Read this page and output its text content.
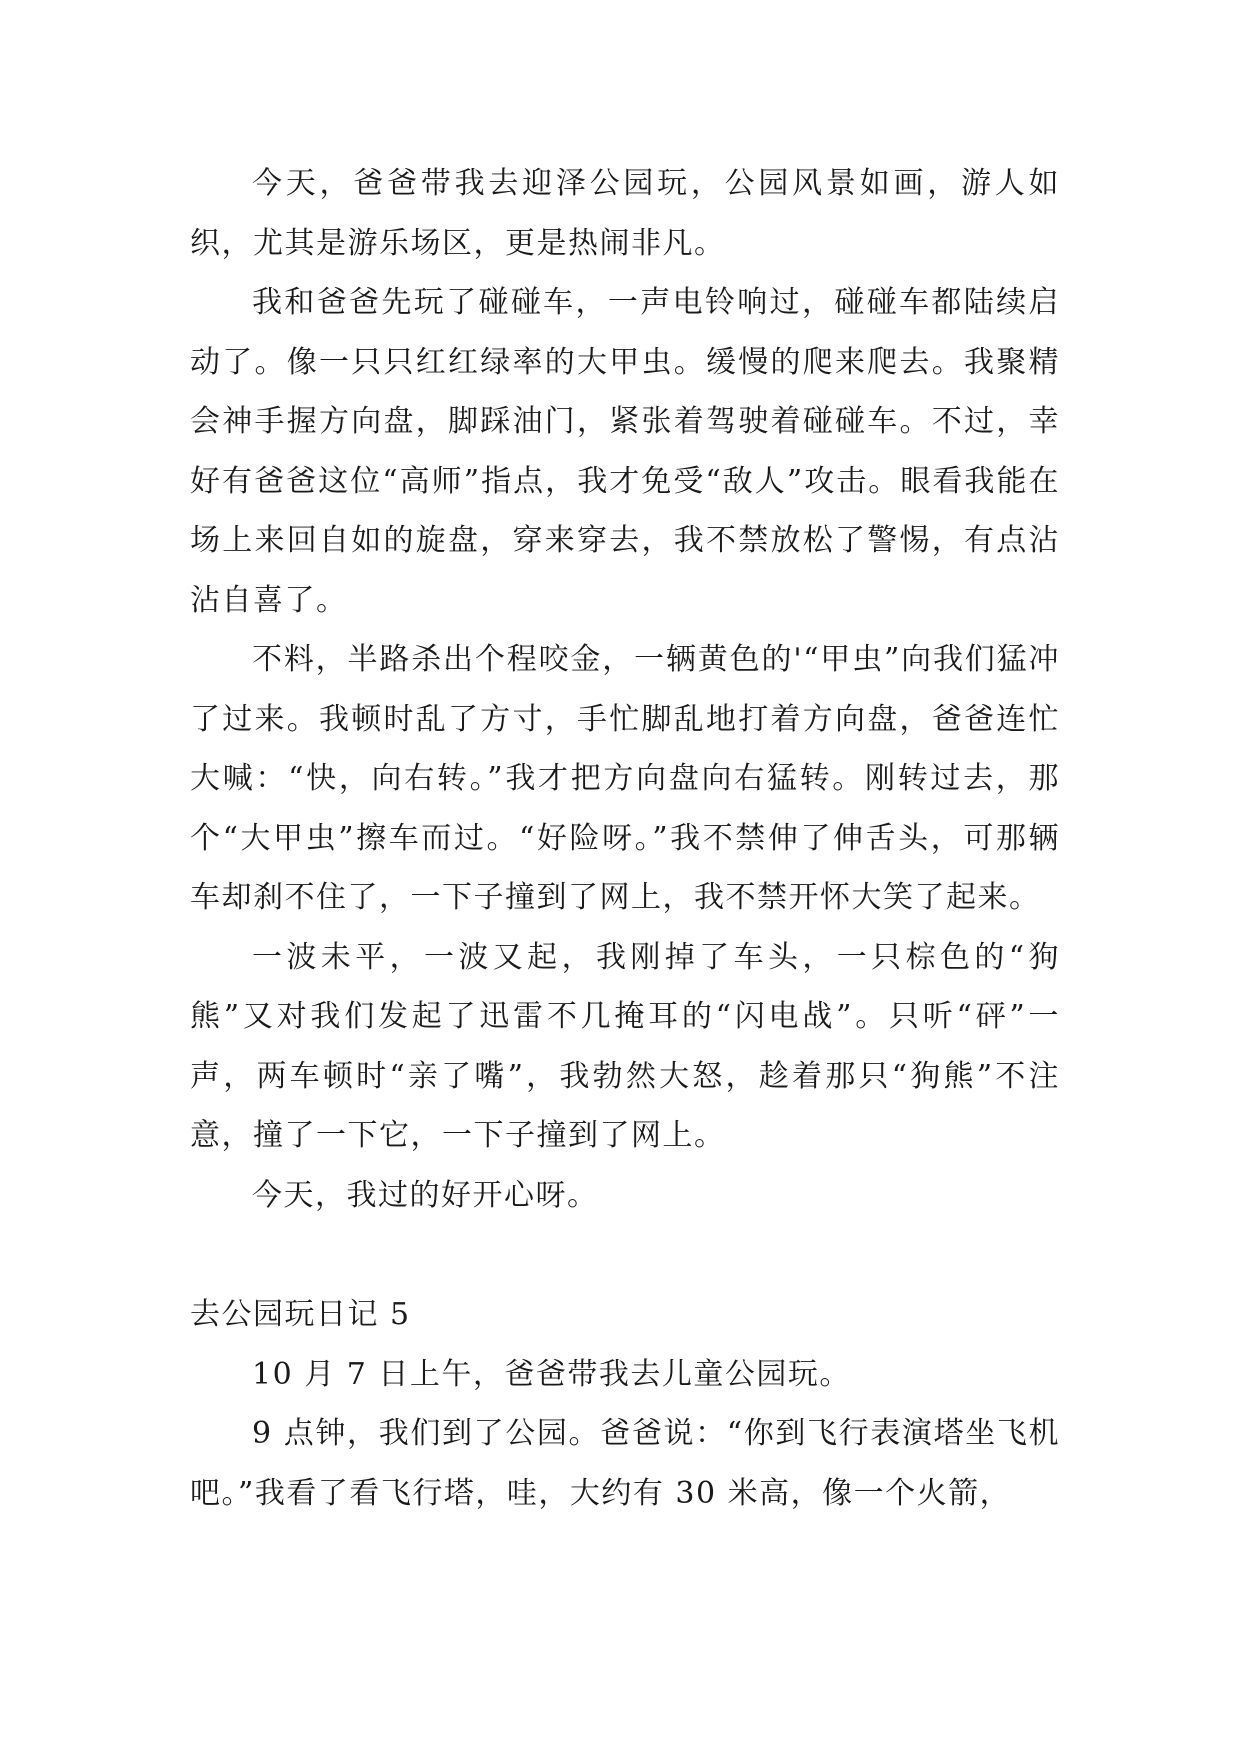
今天，爸爸带我去迎泽公园玩，公园风景如画，游人如织，尤其是游乐场区，更是热闹非凡。

我和爸爸先玩了碰碰车，一声电铃响过，碰碰车都陆续启动了。像一只只红红绿率的大甲虫。缓慢的爬来爬去。我聚精会神手握方向盘，脚踩油门，紧张着驾驶着碰碰车。不过，幸好有爸爸这位“高师”指点，我才免受“敌人”攻击。眼看我能在场上来回自如的旋盘，穿来穿去，我不禁放松了警惕，有点沾沾自喜了。

不料，半路杀出个程咬金，一辆黄色的'“甲虫”向我们猛冲了过来。我顿时乱了方寸，手忙脚乱地打着方向盘，爸爸连忙大喊：“快，向右转。”我才把方向盘向右猛转。刚转过去，那个“大甲虫”擦车而过。“好险呀。”我不禁伸了伸舌头，可那辆车却刹不住了，一下子撞到了网上，我不禁开怀大笑了起来。

一波未平，一波又起，我刚掉了车头，一只棕色的“狗熊”又对我们发起了迅雷不几掩耳的“闪电战”。只听“砰”一声，两车顿时“亲了嘴”，我勃然大怒，趁着那只“狗熊”不注意，撞了一下它，一下子撞到了网上。

今天，我过的好开心呀。

去公园玩日记 5

10 月 7 日上午，爸爸带我去儿童公园玩。

9 点钟，我们到了公园。爸爸说：“你到飞行表演塔坐飞机吧。”我看了看飞行塔，哇，大约有 30 米高，像一个火箭，
